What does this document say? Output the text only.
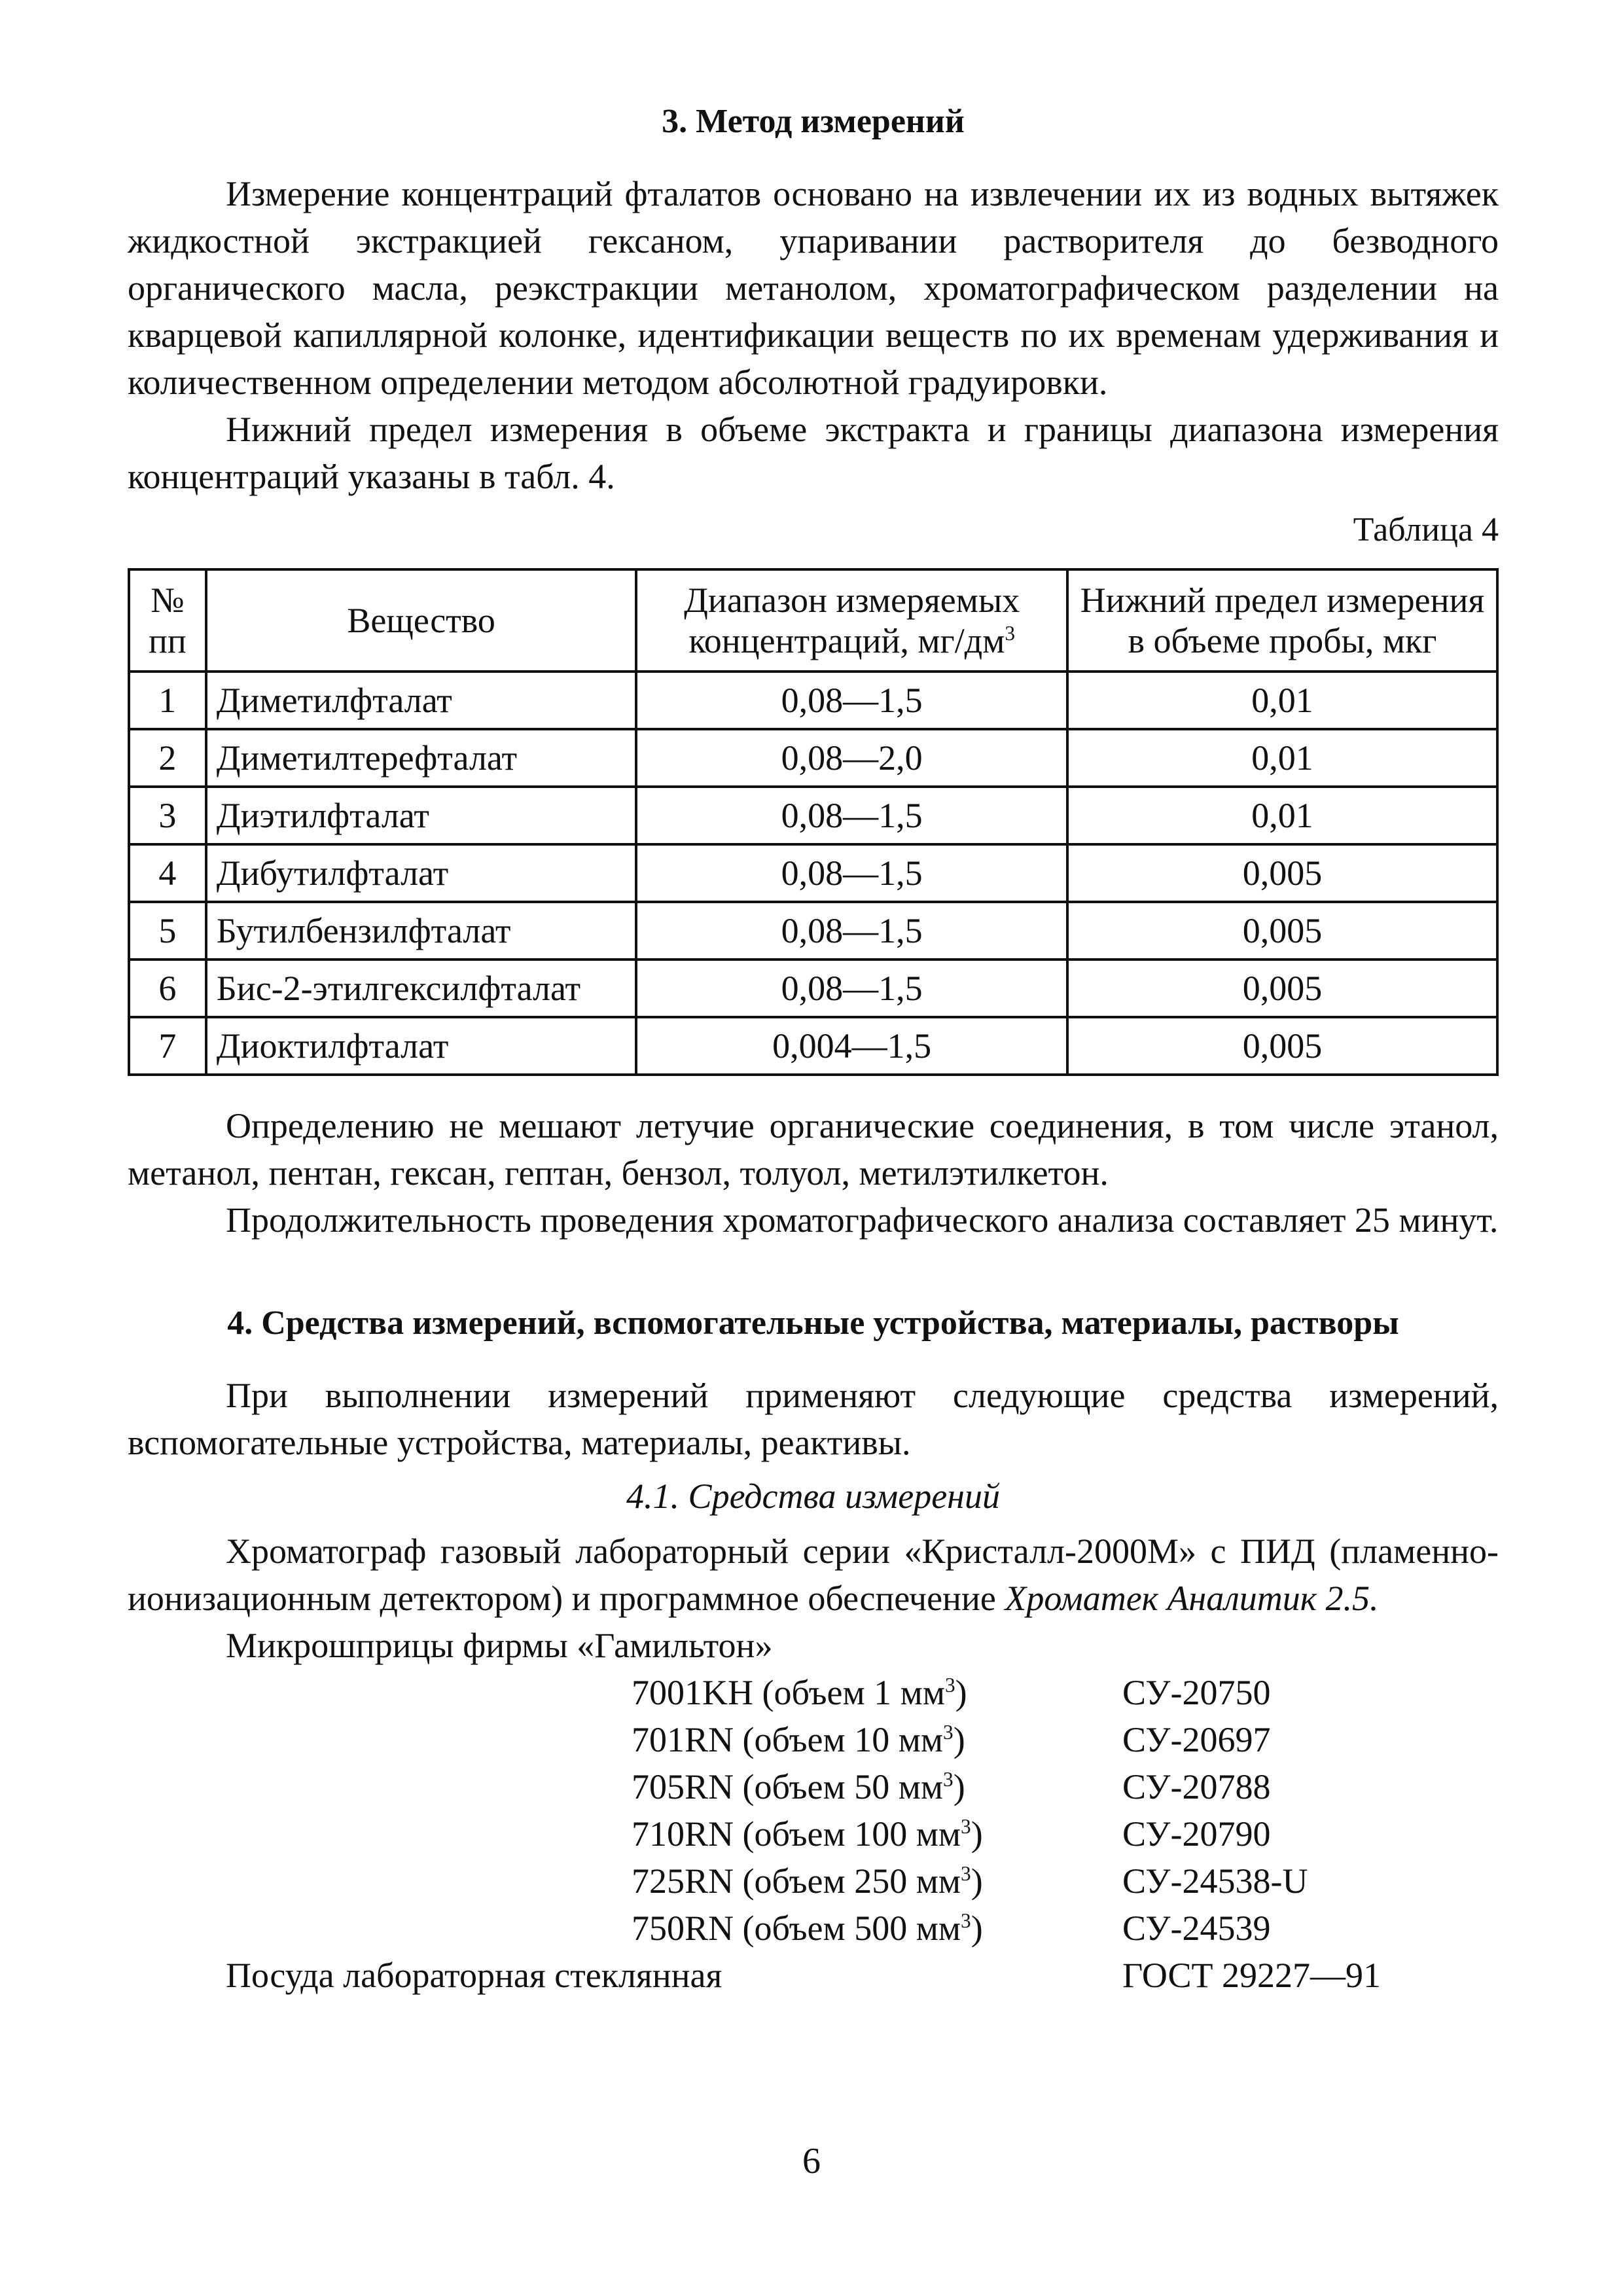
3. Метод измерений

Измерение концентраций фталатов основано на извлечении их из водных вытяжек жидкостной экстракцией гексаном, упаривании растворителя до безводного органического масла, реэкстракции метанолом, хроматографическом разделении на кварцевой капиллярной колонке, идентификации веществ по их временам удерживания и количественном определении методом абсолютной градуировки.

Нижний предел измерения в объеме экстракта и границы диапазона измерения концентраций указаны в табл. 4.

Таблица 4
№ пп	Вещество	Диапазон измеряемых концентраций, $мг/дм^3$	Нижний предел измерения в объеме пробы, мкг
1	Диметилфталат	0,08—1,5	0,01
2	Диметилтерефталат	0,08—2,0	0,01
3	Диэтилфталат	0,08—1,5	0,01
4	Дибутилфталат	0,08—1,5	0,005
5	Бутилбензилфталат	0,08—1,5	0,005
6	Бис-2-этилгексилфталат	0,08—1,5	0,005
7	Диоктилфталат	0,004—1,5	0,005

Определению не мешают летучие органические соединения, в том числе этанол, метанол, пентан, гексан, гептан, бензол, толуол, метилэтилкетон.

Продолжительность проведения хроматографического анализа составляет 25 минут.

4. Средства измерений, вспомогательные устройства, материалы, растворы

При выполнении измерений применяют следующие средства измерений, вспомогательные устройства, материалы, реактивы.

4.1. Средства измерений

Хроматограф газовый лабораторный серии «Кристалл-2000М» с ПИД (пламенно-ионизационным детектором) и программное обеспечение Хроматек Аналитик 2.5.

Микрошприцы фирмы «Гамильтон»
7001KH (объем 1 $мм^3$)	СУ-20750
701RN (объем 10 $мм^3$)	СУ-20697
705RN (объем 50 $мм^3$)	СУ-20788
710RN (объем 100 $мм^3$)	СУ-20790
725RN (объем 250 $мм^3$)	СУ-24538-U
750RN (объем 500 $мм^3$)	СУ-24539
Посуда лабораторная стеклянная	ГОСТ 29227—91
6
